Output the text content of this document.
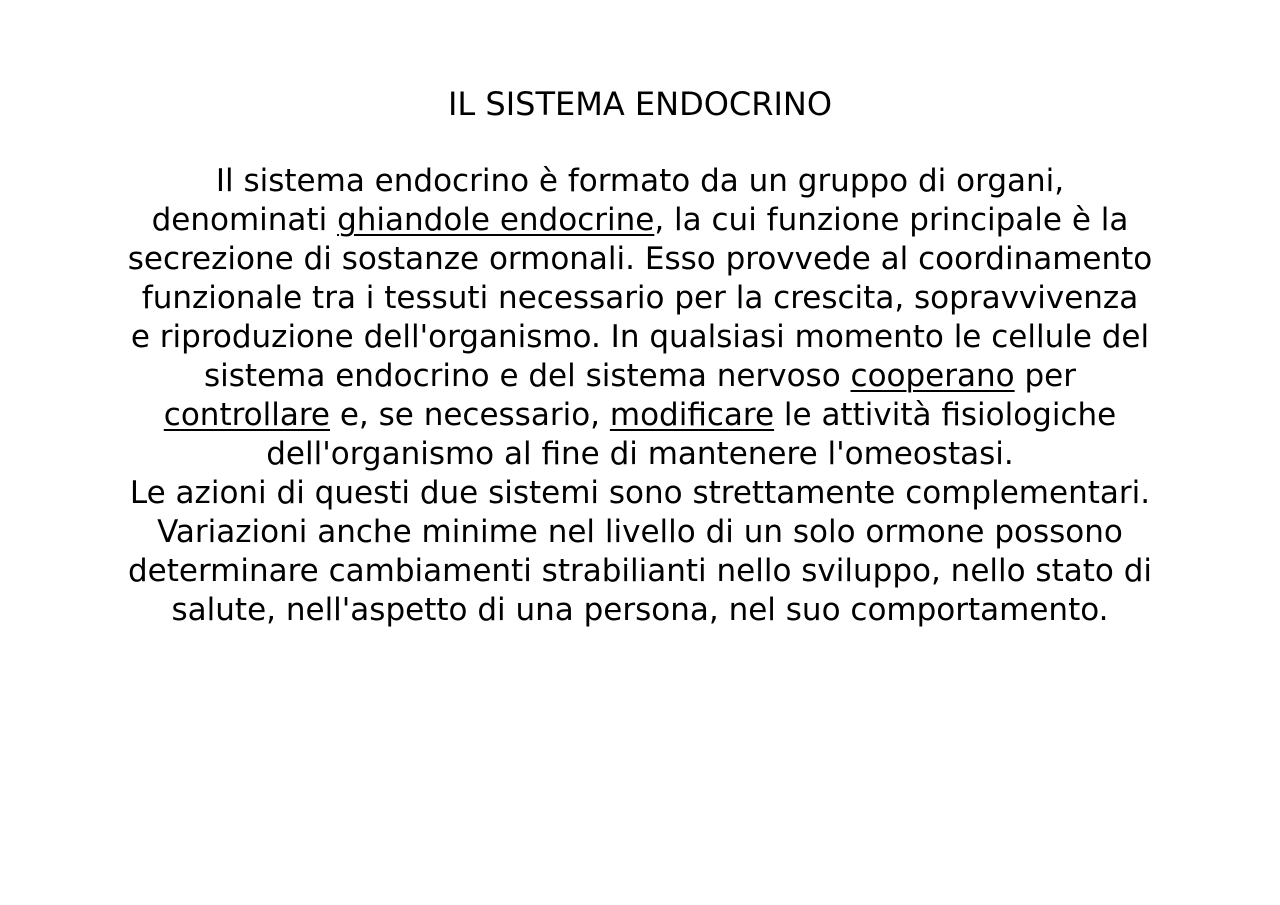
IL SISTEMA ENDOCRINO

Il sistema endocrino è formato da un gruppo di organi,
denominati ghiandole endocrine, la cui funzione principale è la
secrezione di sostanze ormonali. Esso provvede al coordinamento
funzionale tra i tessuti necessario per la crescita, sopravvivenza
e riproduzione dell'organismo. In qualsiasi momento le cellule del
sistema endocrino e del sistema nervoso cooperano per
controllare e, se necessario, modificare le attività fisiologiche
dell'organismo al fine di mantenere l'omeostasi.
Le azioni di questi due sistemi sono strettamente complementari.
Variazioni anche minime nel livello di un solo ormone possono
determinare cambiamenti strabilianti nello sviluppo, nello stato di
salute, nell'aspetto di una persona, nel suo comportamento.
